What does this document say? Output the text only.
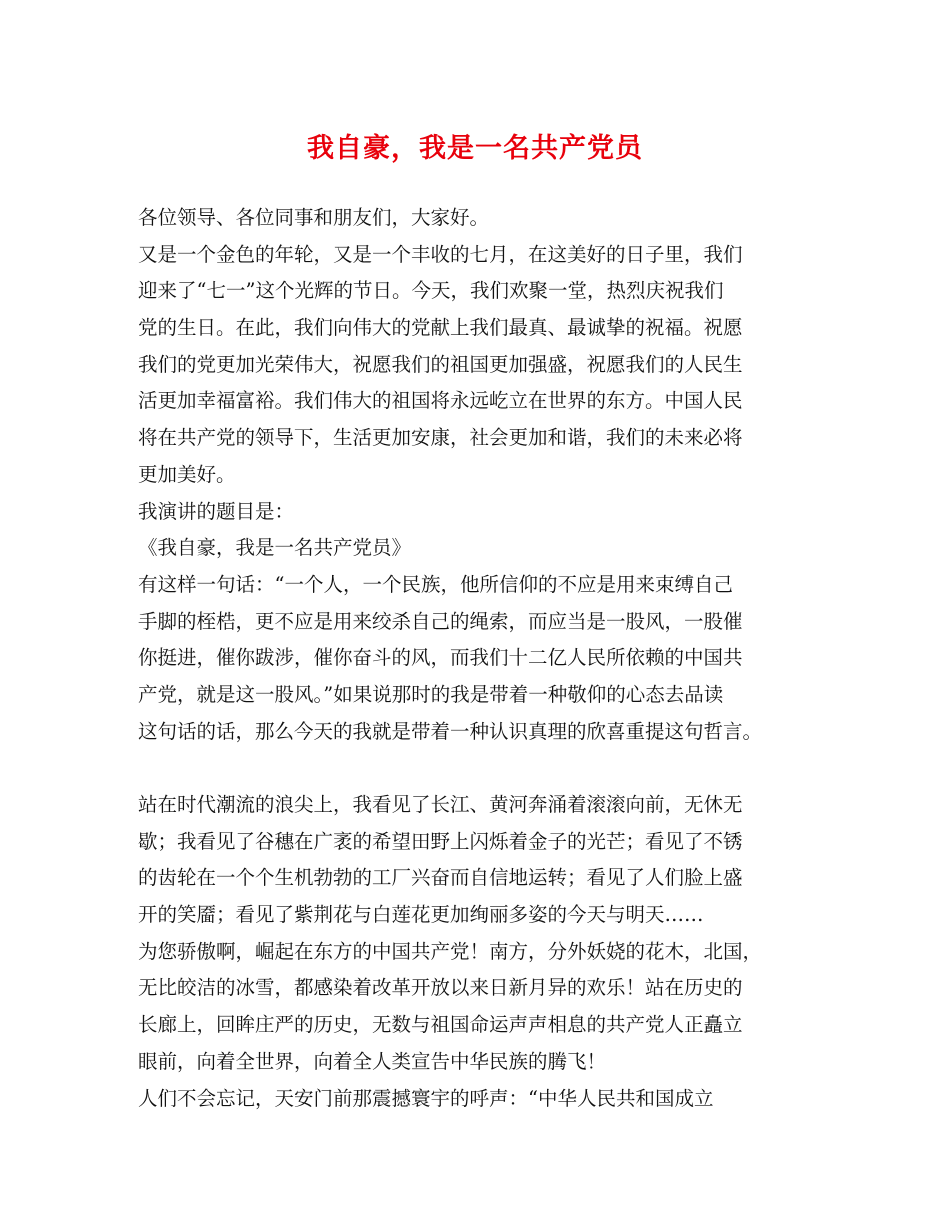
我自豪，我是一名共产党员
各位领导、各位同事和朋友们，大家好。
又是一个金色的年轮，又是一个丰收的七月，在这美好的日子里，我们
迎来了“七一”这个光辉的节日。今天，我们欢聚一堂，热烈庆祝我们
党的生日。在此，我们向伟大的党献上我们最真、最诚挚的祝福。祝愿
我们的党更加光荣伟大，祝愿我们的祖国更加强盛，祝愿我们的人民生
活更加幸福富裕。我们伟大的祖国将永远屹立在世界的东方。中国人民
将在共产党的领导下，生活更加安康，社会更加和谐，我们的未来必将
更加美好。
我演讲的题目是：
《我自豪，我是一名共产党员》
有这样一句话：“一个人，一个民族，他所信仰的不应是用来束缚自己
手脚的桎梏，更不应是用来绞杀自己的绳索，而应当是一股风，一股催
你挺进，催你跋涉，催你奋斗的风，而我们十二亿人民所依赖的中国共
产党，就是这一股风。”如果说那时的我是带着一种敬仰的心态去品读
这句话的话，那么今天的我就是带着一种认识真理的欣喜重提这句哲言。
站在时代潮流的浪尖上，我看见了长江、黄河奔涌着滚滚向前，无休无
歇；我看见了谷穗在广袤的希望田野上闪烁着金子的光芒；看见了不锈
的齿轮在一个个生机勃勃的工厂兴奋而自信地运转；看见了人们脸上盛
开的笑靥；看见了紫荆花与白莲花更加绚丽多姿的今天与明天……
为您骄傲啊，崛起在东方的中国共产党！南方，分外妖娆的花木，北国，
无比皎洁的冰雪，都感染着改革开放以来日新月异的欢乐！站在历史的
长廊上，回眸庄严的历史，无数与祖国命运声声相息的共产党人正矗立
眼前，向着全世界，向着全人类宣告中华民族的腾飞！
人们不会忘记，天安门前那震撼寰宇的呼声：“中华人民共和国成立
